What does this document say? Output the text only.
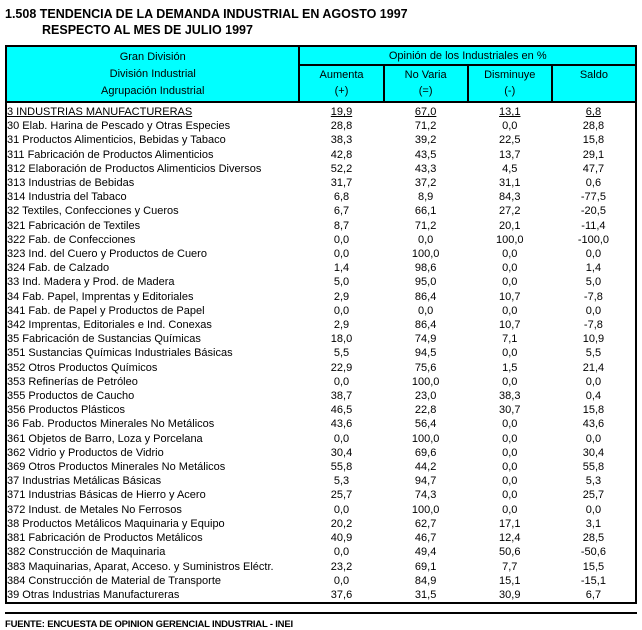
1.508 TENDENCIA DE LA DEMANDA INDUSTRIAL EN AGOSTO 1997
RESPECTO AL MES DE JULIO 1997
Gran División
División Industrial
Agrupación Industrial	Opinión de los Industriales en %			

Aumenta
(+)

No Varia
(=)

Disminuye
(-)

Saldo

3 INDUSTRIAS MANUFACTURERAS	19,9	67,0	13,1	6,8
30 Elab. Harina de Pescado y Otras Especies	28,8	71,2	0,0	28,8
31 Productos Alimenticios, Bebidas y Tabaco	38,3	39,2	22,5	15,8
311 Fabricación de Productos Alimenticios	42,8	43,5	13,7	29,1
312 Elaboración de Productos Alimenticios Diversos	52,2	43,3	4,5	47,7
313 Industrias de Bebidas	31,7	37,2	31,1	0,6
314 Industria del Tabaco	6,8	8,9	84,3	-77,5
32 Textiles, Confecciones y Cueros	6,7	66,1	27,2	-20,5
321 Fabricación de Textiles	8,7	71,2	20,1	-11,4
322 Fab. de Confecciones	0,0	0,0	100,0	-100,0
323 Ind. del Cuero y Productos de Cuero	0,0	100,0	0,0	0,0
324 Fab. de Calzado	1,4	98,6	0,0	1,4
33 Ind. Madera y Prod. de Madera	5,0	95,0	0,0	5,0
34 Fab. Papel, Imprentas y Editoriales	2,9	86,4	10,7	-7,8
341 Fab. de Papel y Productos de Papel	0,0	0,0	0,0	0,0
342 Imprentas, Editoriales e Ind. Conexas	2,9	86,4	10,7	-7,8
35 Fabricación de Sustancias Químicas	18,0	74,9	7,1	10,9
351 Sustancias Químicas Industriales Básicas	5,5	94,5	0,0	5,5
352 Otros Productos Químicos	22,9	75,6	1,5	21,4
353 Refinerías de Petróleo	0,0	100,0	0,0	0,0
355 Productos de Caucho	38,7	23,0	38,3	0,4
356 Productos Plásticos	46,5	22,8	30,7	15,8
36 Fab. Productos Minerales No Metálicos	43,6	56,4	0,0	43,6
361 Objetos de Barro, Loza y Porcelana	0,0	100,0	0,0	0,0
362 Vidrio y Productos de Vidrio	30,4	69,6	0,0	30,4
369 Otros Productos Minerales No Metálicos	55,8	44,2	0,0	55,8
37 Industrias Metálicas Básicas	5,3	94,7	0,0	5,3
371 Industrias Básicas de Hierro y Acero	25,7	74,3	0,0	25,7
372 Indust. de Metales No Ferrosos	0,0	100,0	0,0	0,0
38 Productos Metálicos Maquinaria y Equipo	20,2	62,7	17,1	3,1
381 Fabricación de Productos Metálicos	40,9	46,7	12,4	28,5
382 Construcción de Maquinaria	0,0	49,4	50,6	-50,6
383 Maquinarias, Aparat, Acceso. y Suministros Eléctr.	23,2	69,1	7,7	15,5
384 Construcción de Material de Transporte	0,0	84,9	15,1	-15,1
39 Otras Industrias Manufactureras	37,6	31,5	30,9	6,7
FUENTE: ENCUESTA DE OPINION GERENCIAL INDUSTRIAL - INEI
